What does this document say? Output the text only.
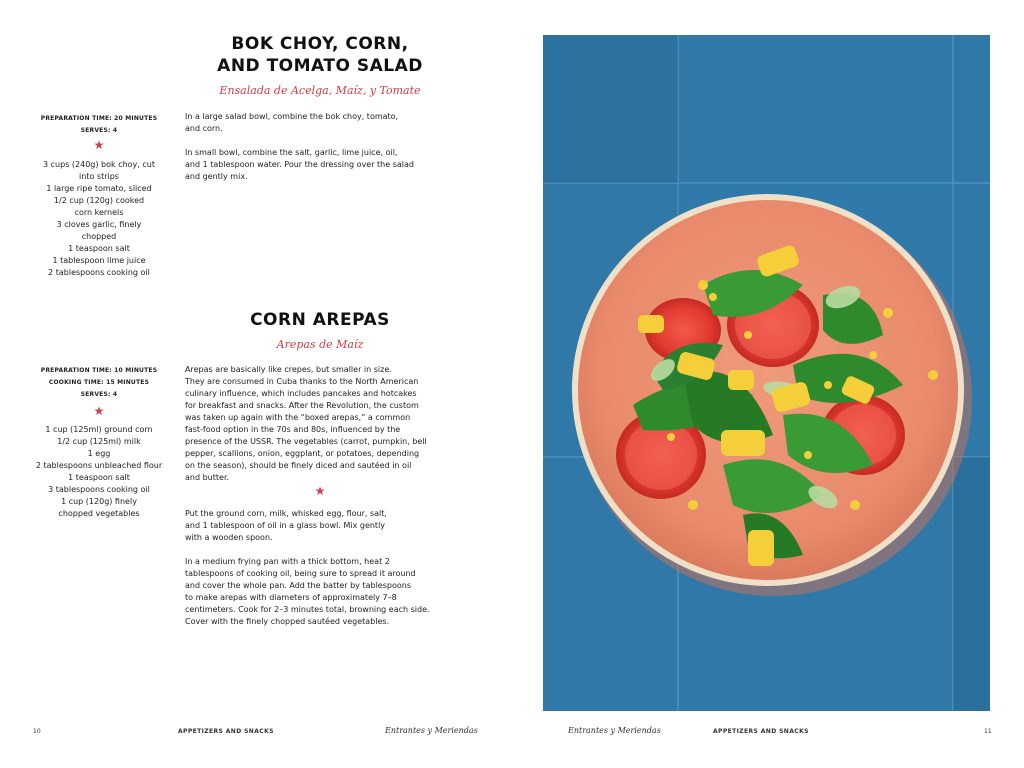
BOK CHOY, CORN,
AND TOMATO SALAD
Ensalada de Acelga, Maíz, y Tomate
PREPARATION TIME: 20 MINUTES
SERVES: 4
★
3 cups (240g) bok choy, cut
into strips
1 large ripe tomato, sliced
1/2 cup (120g) cooked
corn kernels
3 cloves garlic, finely
chopped
1 teaspoon salt
1 tablespoon lime juice
2 tablespoons cooking oil

In a large salad bowl, combine the bok choy, tomato,
and corn.

In small bowl, combine the salt, garlic, lime juice, oil,
and 1 tablespoon water. Pour the dressing over the salad
and gently mix.

CORN AREPAS
Arepas de Maíz
PREPARATION TIME: 10 MINUTES
COOKING TIME: 15 MINUTES
SERVES: 4
★
1 cup (125ml) ground corn
1/2 cup (125ml) milk
1 egg
2 tablespoons unbleached flour
1 teaspoon salt
3 tablespoons cooking oil
1 cup (120g) finely
chopped vegetables

Arepas are basically like crepes, but smaller in size.
They are consumed in Cuba thanks to the North American
culinary influence, which includes pancakes and hotcakes
for breakfast and snacks. After the Revolution, the custom
was taken up again with the “boxed arepas,” a common
fast-food option in the 70s and 80s, influenced by the
presence of the USSR. The vegetables (carrot, pumpkin, bell
pepper, scallions, onion, eggplant, or potatoes, depending
on the season), should be finely diced and sautéed in oil
and butter.

★

Put the ground corn, milk, whisked egg, flour, salt,
and 1 tablespoon of oil in a glass bowl. Mix gently
with a wooden spoon.

In a medium frying pan with a thick bottom, heat 2
tablespoons of cooking oil, being sure to spread it around
and cover the whole pan. Add the batter by tablespoons
to make arepas with diameters of approximately 7–8
centimeters. Cook for 2–3 minutes total, browning each side.
Cover with the finely chopped sautéed vegetables.

10	APPETIZERS AND SNACKS	Entrantes y Meriendas	Entrantes y Meriendas	APPETIZERS AND SNACKS	11
